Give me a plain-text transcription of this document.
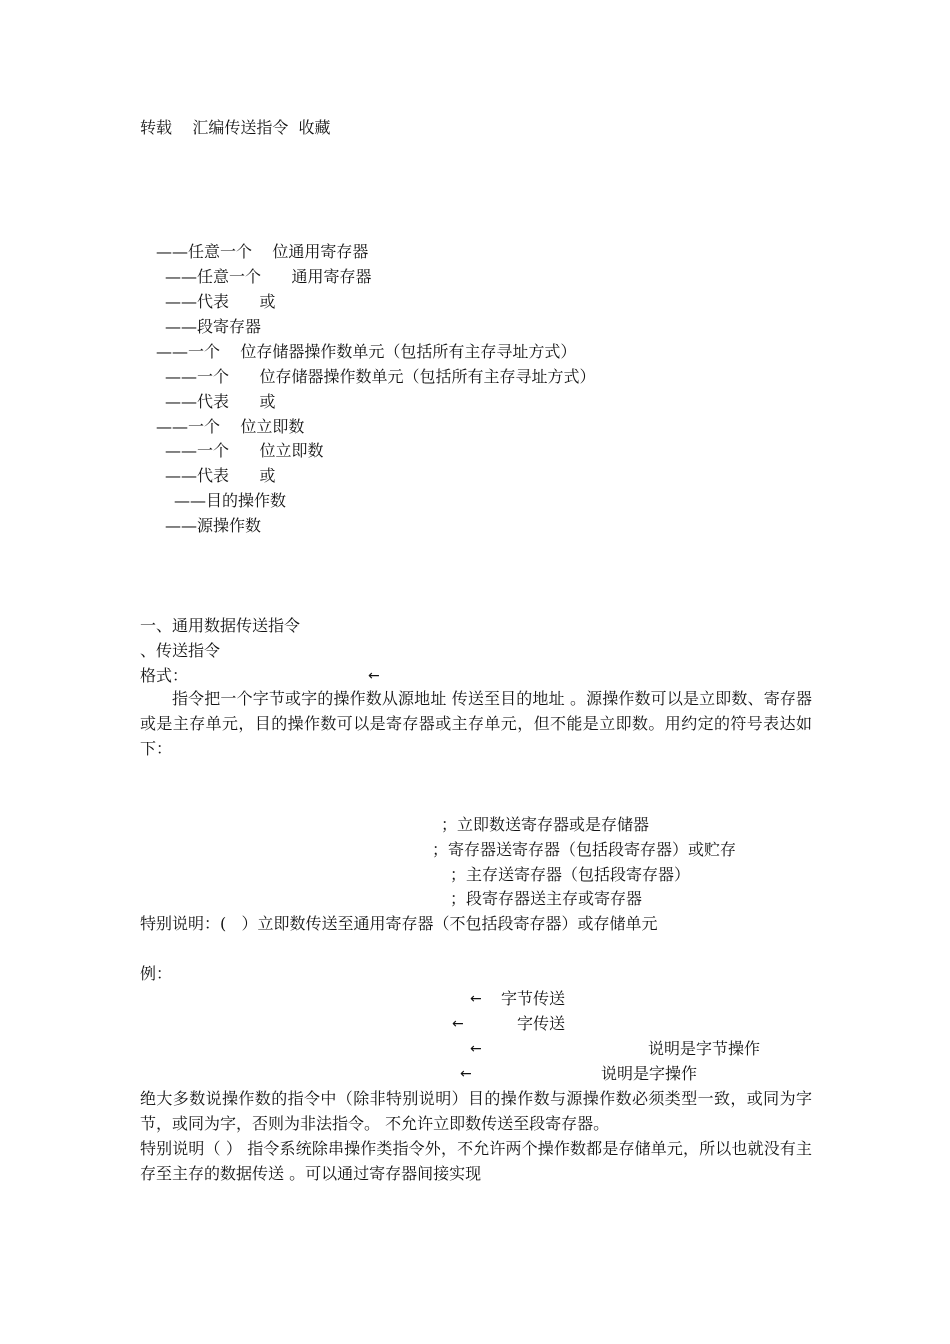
转载    汇编传送指令  收藏
——任意一个    位通用寄存器
——任意一个      通用寄存器
——代表      或
——段寄存器
——一个    位存储器操作数单元（包括所有主存寻址方式）
——一个      位存储器操作数单元（包括所有主存寻址方式）
——代表      或
——一个    位立即数
——一个      位立即数
——代表      或
——目的操作数
——源操作数
一、通用数据传送指令
、传送指令
格式：	←
指令把一个字节或字的操作数从源地址 传送至目的地址 。源操作数可以是立即数、寄存器或是主存单元，目的操作数可以是寄存器或主存单元，但不能是立即数。用约定的符号表达如下：
；立即数送寄存器或是存储器
；寄存器送寄存器（包括段寄存器）或贮存
；主存送寄存器（包括段寄存器）
；段寄存器送主存或寄存器
特别说明：(   ）立即数传送至通用寄存器（不包括段寄存器）或存储单元
例：
← 字节传送
←	字传送
←	说明是字节操作
←	说明是字操作
绝大多数说操作数的指令中（除非特别说明）目的操作数与源操作数必须类型一致，或同为字节，或同为字，否则为非法指令。 不允许立即数传送至段寄存器。
特别说明（ ） 指令系统除串操作类指令外，不允许两个操作数都是存储单元，所以也就没有主存至主存的数据传送 。可以通过寄存器间接实现
